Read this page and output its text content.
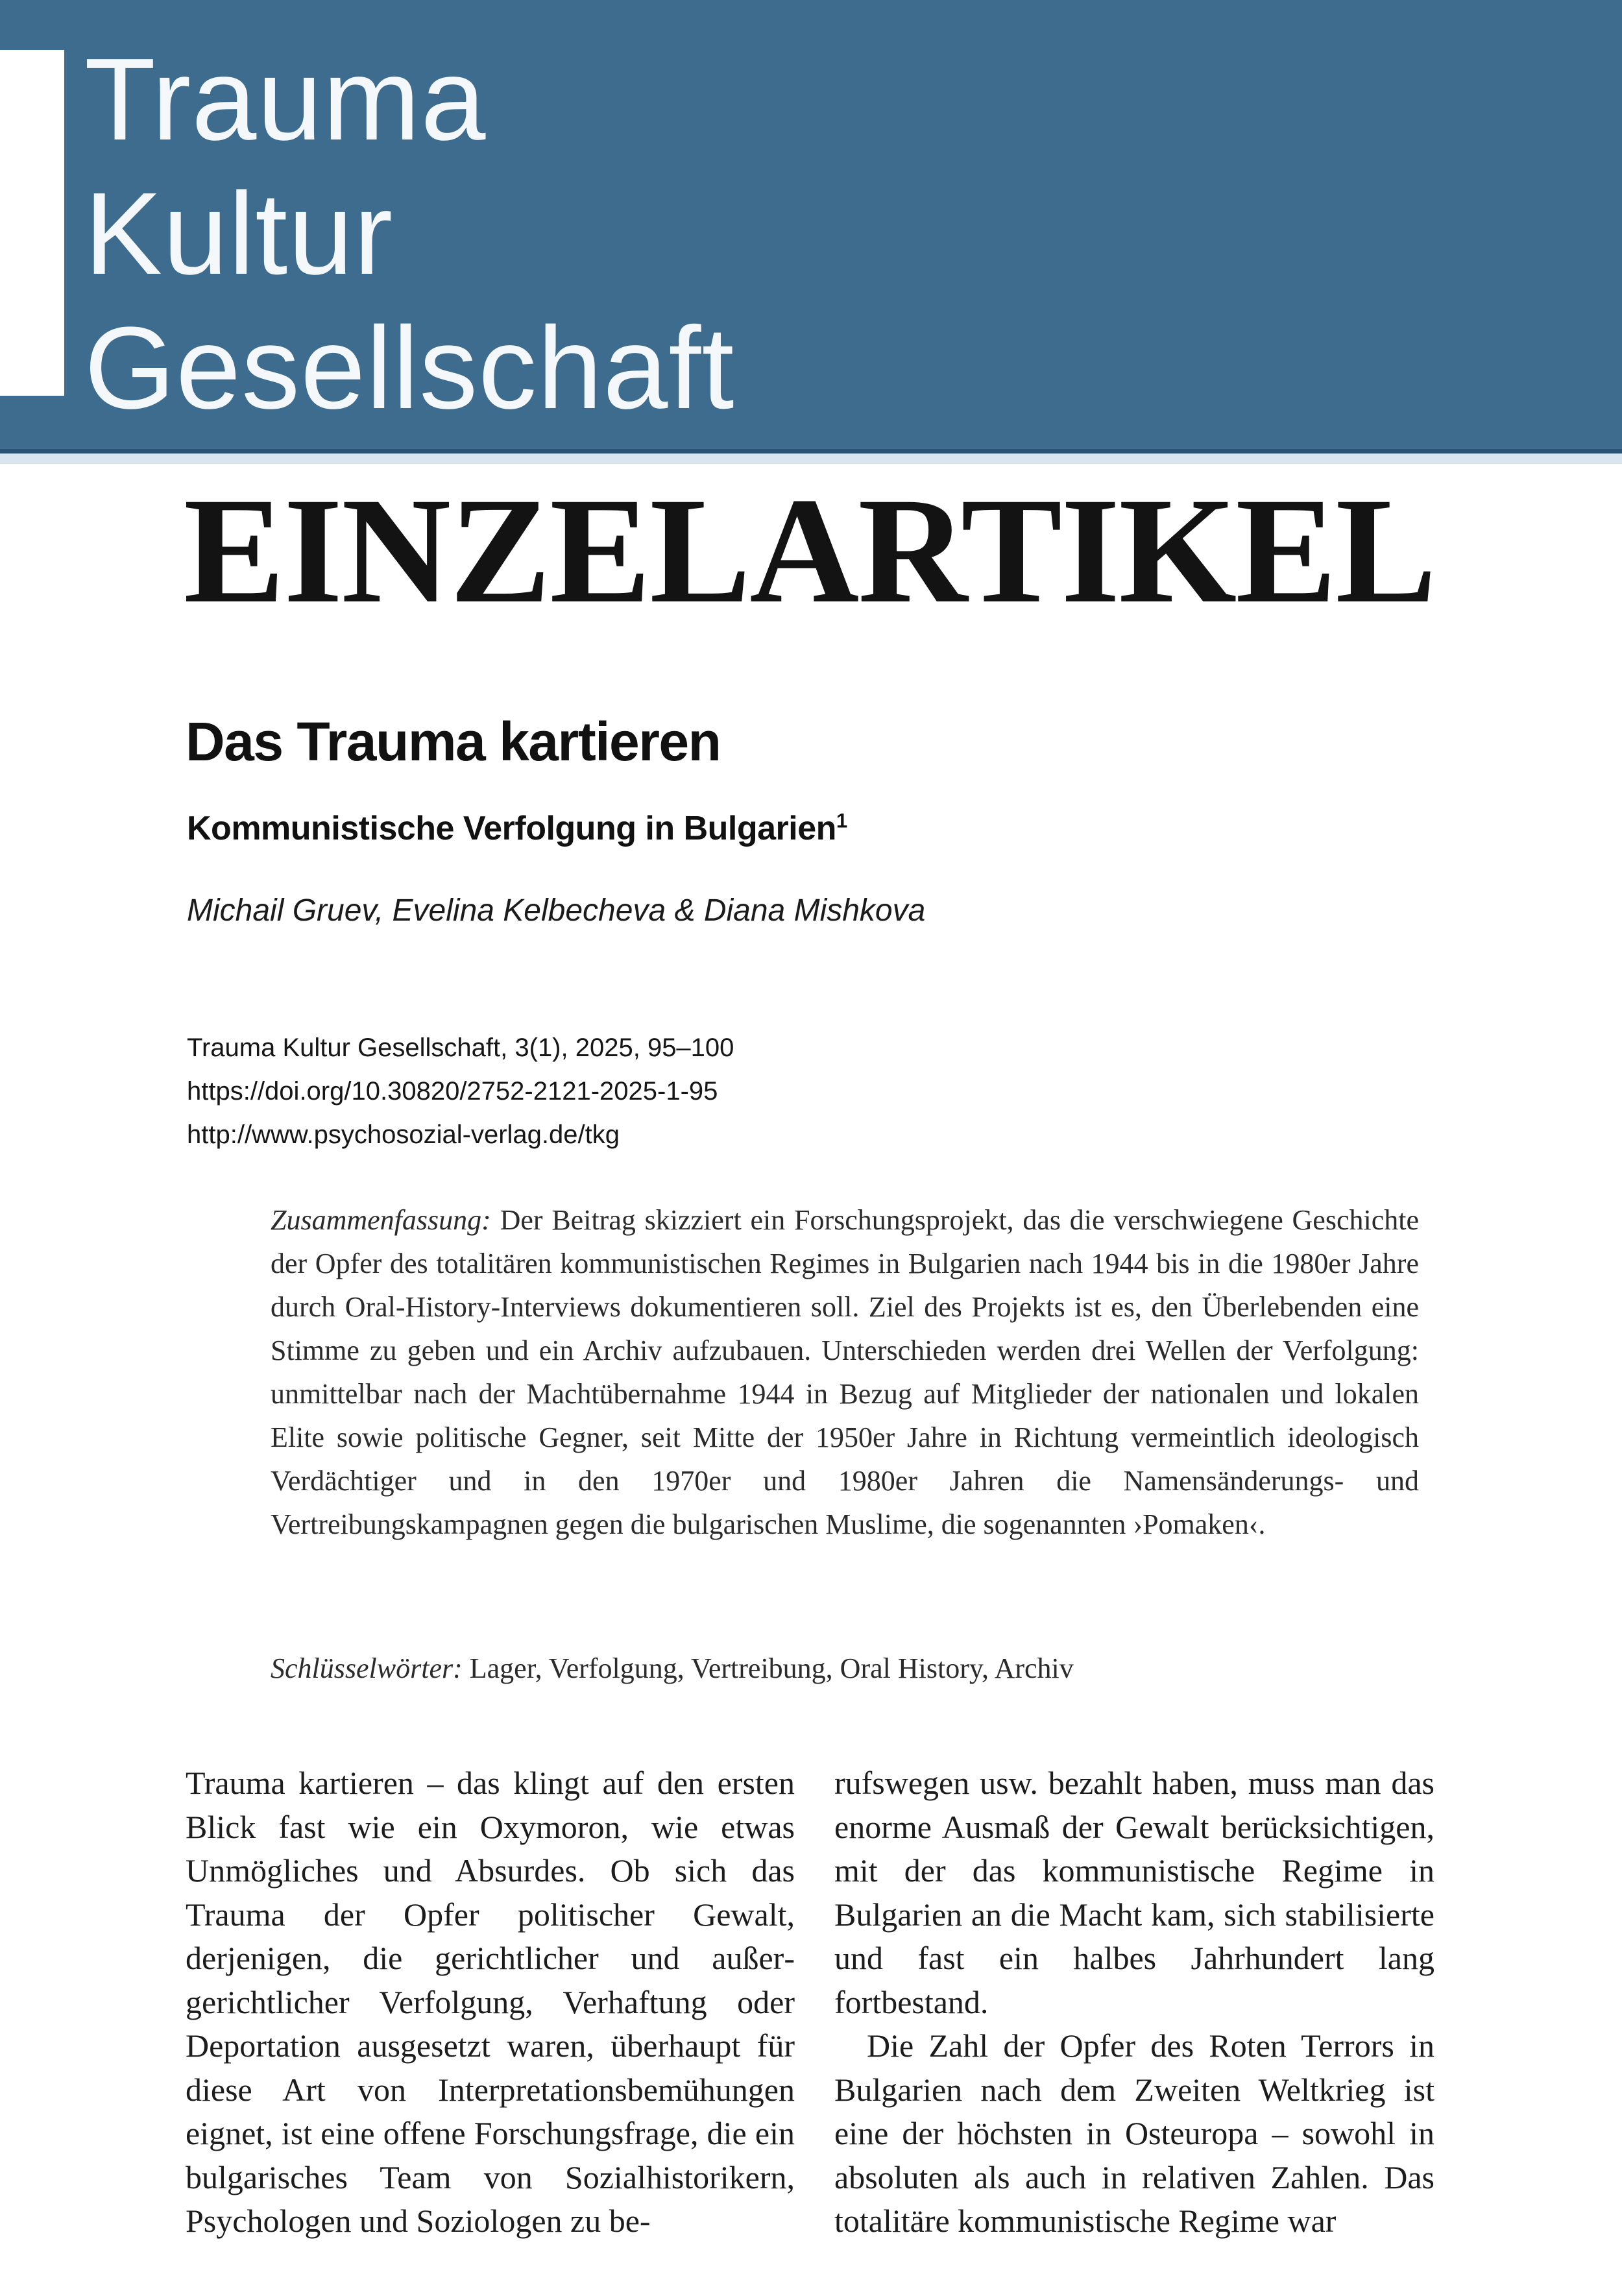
Trauma
Kultur
Gesellschaft
EINZELARTIKEL
Das Trauma kartieren
Kommunistische Verfolgung in Bulgarien$^1$
Michail Gruev, Evelina Kelbecheva & Diana Mishkova
Trauma Kultur Gesellschaft, 3(1), 2025, 95–100
https://doi.org/10.30820/2752-2121-2025-1-95
http://www.psychosozial-verlag.de/tkg
Zusammenfassung: Der Beitrag skizziert ein Forschungsprojekt, das die verschwiegene Geschichte der Opfer des totalitären kommunistischen Regimes in Bulgarien nach 1944 bis in die 1980er Jahre durch Oral-History-Interviews dokumentieren soll. Ziel des Projekts ist es, den Überlebenden eine Stimme zu geben und ein Archiv aufzubauen. Unterschieden werden drei Wellen der Verfolgung: unmittelbar nach der Machtübernahme 1944 in Bezug auf Mitglieder der nationalen und lokalen Elite sowie politische Gegner, seit Mitte der 1950er Jahre in Richtung vermeintlich ideologisch Verdächtiger und in den 1970er und 1980er Jahren die Namensänderungs- und Vertreibungskampagnen gegen die bulgarischen Muslime, die sogenannten ›Pomaken‹.
Schlüsselwörter: Lager, Verfolgung, Vertreibung, Oral History, Archiv

Trauma kartieren – das klingt auf den ersten Blick fast wie ein Oxymoron, wie etwas Unmögliches und Absurdes. Ob sich das Trauma der Opfer politischer Gewalt, derjenigen, die gerichtlicher und außergerichtlicher Verfolgung, Verhaftung oder Deportation ausgesetzt waren, überhaupt für diese Art von Interpretationsbemühungen eignet, ist eine offene Forschungsfrage, die ein bulgarisches Team von Sozialhistorikern, Psychologen und Soziologen zu be-

rufswegen usw. bezahlt haben, muss man das enorme Ausmaß der Gewalt berücksichtigen, mit der das kommunistische Regime in Bulgarien an die Macht kam, sich stabilisierte und fast ein halbes Jahrhundert lang fortbestand.

Die Zahl der Opfer des Roten Terrors in Bulgarien nach dem Zweiten Weltkrieg ist eine der höchsten in Osteuropa – sowohl in absoluten als auch in relativen Zahlen. Das totalitäre kommunistische Regime war
